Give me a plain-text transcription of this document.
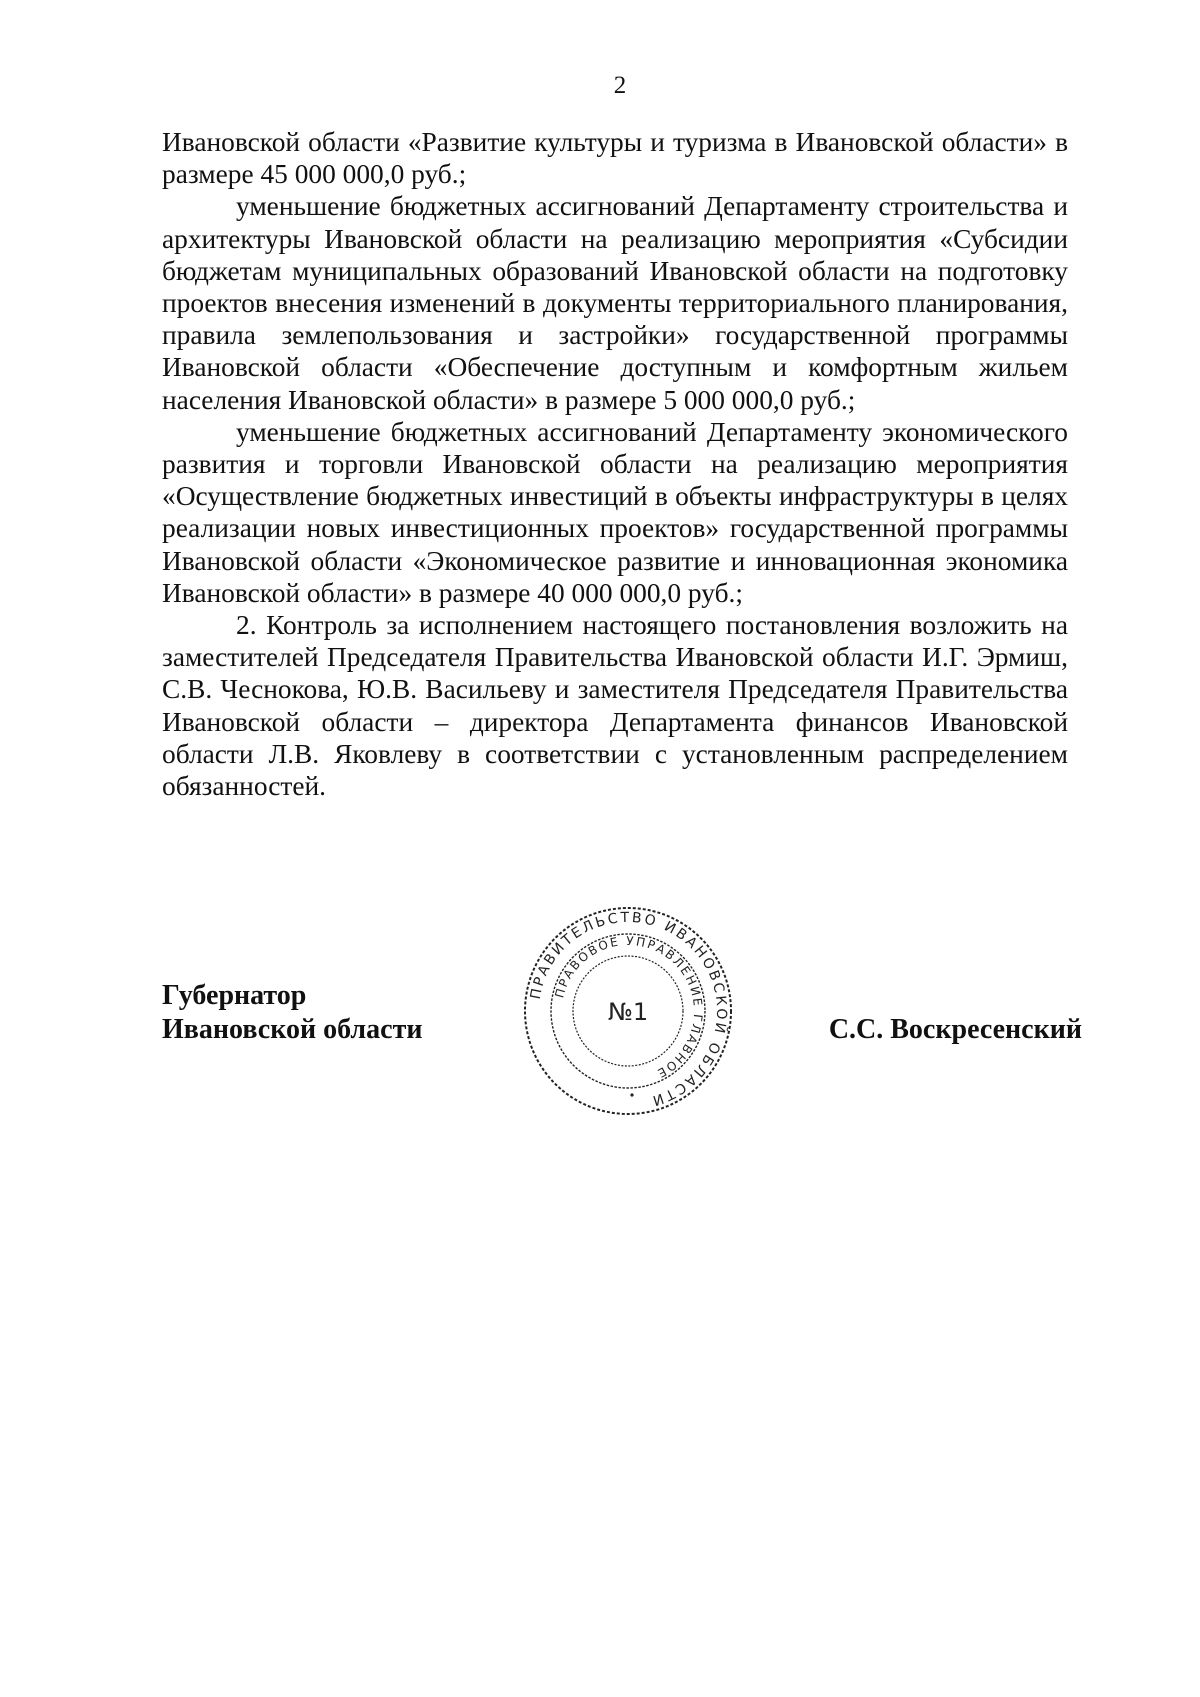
2

Ивановской области «Развитие культуры и туризма в Ивановской области» в размере 45 000 000,0 руб.;

уменьшение бюджетных ассигнований Департаменту строительства и архитектуры Ивановской области на реализацию мероприятия «Субсидии бюджетам муниципальных образований Ивановской области на подготовку проектов внесения изменений в документы территориального планирования, правила землепользования и застройки» государственной программы Ивановской области «Обеспечение доступным и комфортным жильем населения Ивановской области» в размере 5 000 000,0 руб.;

уменьшение бюджетных ассигнований Департаменту экономического развития и торговли Ивановской области на реализацию мероприятия «Осуществление бюджетных инвестиций в объекты инфраструктуры в целях реализации новых инвестиционных проектов» государственной программы Ивановской области «Экономическое развитие и инновационная экономика Ивановской области» в размере 40 000 000,0 руб.;

2. Контроль за исполнением настоящего постановления возложить на заместителей Председателя Правительства Ивановской области И.Г. Эрмиш, С.В. Чеснокова, Ю.В. Васильеву и заместителя Председателя Правительства Ивановской области – директора Департамента финансов Ивановской области Л.В. Яковлеву в соответствии с установленным распределением обязанностей.

Губернатор
Ивановской области	С.С. Воскресенский
ПРАВИТЕЛЬСТВО ИВАНОВСКОЙ ОБЛАСТИ
ПРАВОВОЕ УПРАВЛЕНИЕ ГЛАВНОЕ
№1
